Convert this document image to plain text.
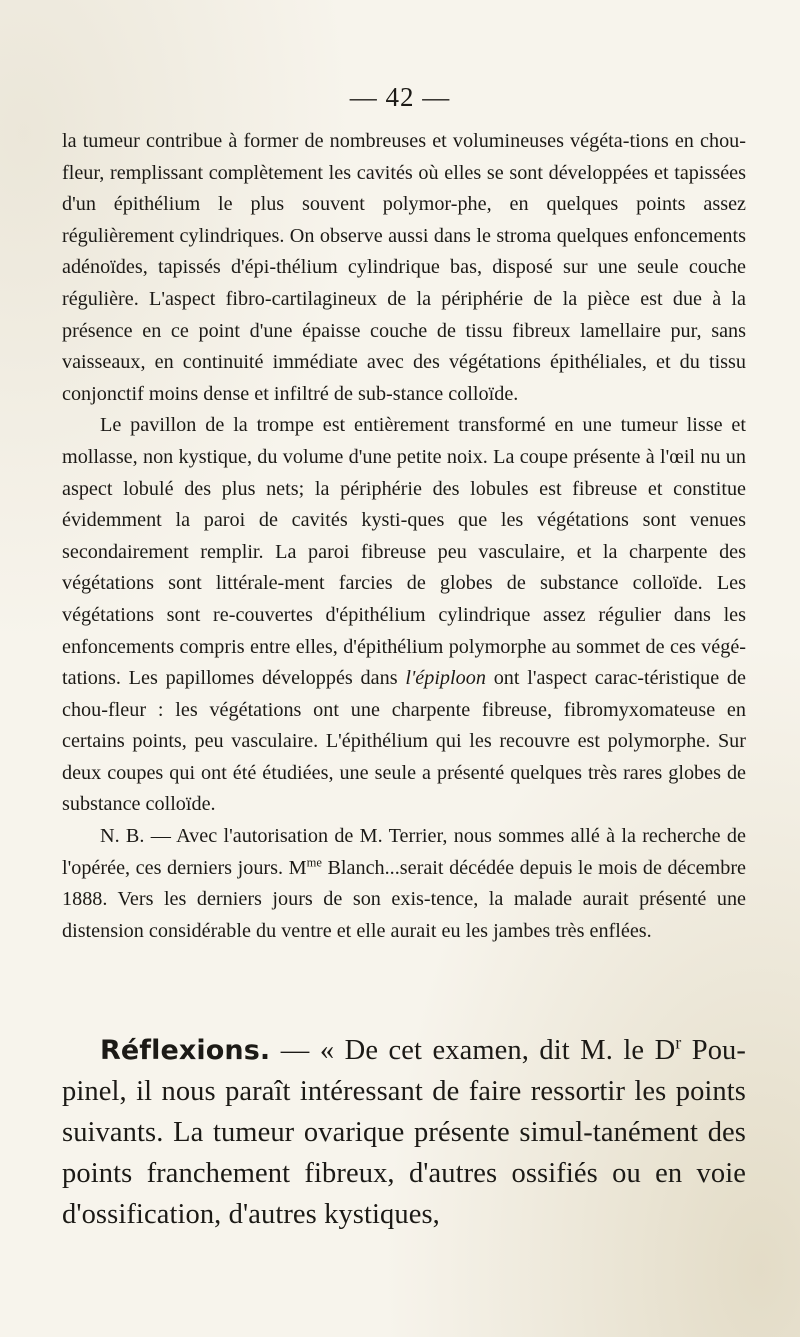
— 42 —

la tumeur contribue à former de nombreuses et volumineuses végéta-tions en chou-fleur, remplissant complètement les cavités où elles se sont développées et tapissées d'un épithélium le plus souvent polymor-phe, en quelques points assez régulièrement cylindriques. On observe aussi dans le stroma quelques enfoncements adénoïdes, tapissés d'épi-thélium cylindrique bas, disposé sur une seule couche régulière. L'aspect fibro-cartilagineux de la périphérie de la pièce est due à la présence en ce point d'une épaisse couche de tissu fibreux lamellaire pur, sans vaisseaux, en continuité immédiate avec des végétations épithéliales, et du tissu conjonctif moins dense et infiltré de sub-stance colloïde.

Le pavillon de la trompe est entièrement transformé en une tumeur lisse et mollasse, non kystique, du volume d'une petite noix. La coupe présente à l'œil nu un aspect lobulé des plus nets; la périphérie des lobules est fibreuse et constitue évidemment la paroi de cavités kysti-ques que les végétations sont venues secondairement remplir. La paroi fibreuse peu vasculaire, et la charpente des végétations sont littérale-ment farcies de globes de substance colloïde. Les végétations sont re-couvertes d'épithélium cylindrique assez régulier dans les enfoncements compris entre elles, d'épithélium polymorphe au sommet de ces végé-tations. Les papillomes développés dans l'épiploon ont l'aspect carac-téristique de chou-fleur : les végétations ont une charpente fibreuse, fibromyxomateuse en certains points, peu vasculaire. L'épithélium qui les recouvre est polymorphe. Sur deux coupes qui ont été étudiées, une seule a présenté quelques très rares globes de substance colloïde.

N. B. — Avec l'autorisation de M. Terrier, nous sommes allé à la recherche de l'opérée, ces derniers jours. $M^{me}$ Blanch...serait décédée depuis le mois de décembre 1888. Vers les derniers jours de son exis-tence, la malade aurait présenté une distension considérable du ventre et elle aurait eu les jambes très enflées.

Réflexions. — « De cet examen, dit M. le $D^r$ Pou-pinel, il nous paraît intéressant de faire ressortir les points suivants. La tumeur ovarique présente simul-tanément des points franchement fibreux, d'autres ossifiés ou en voie d'ossification, d'autres kystiques,
